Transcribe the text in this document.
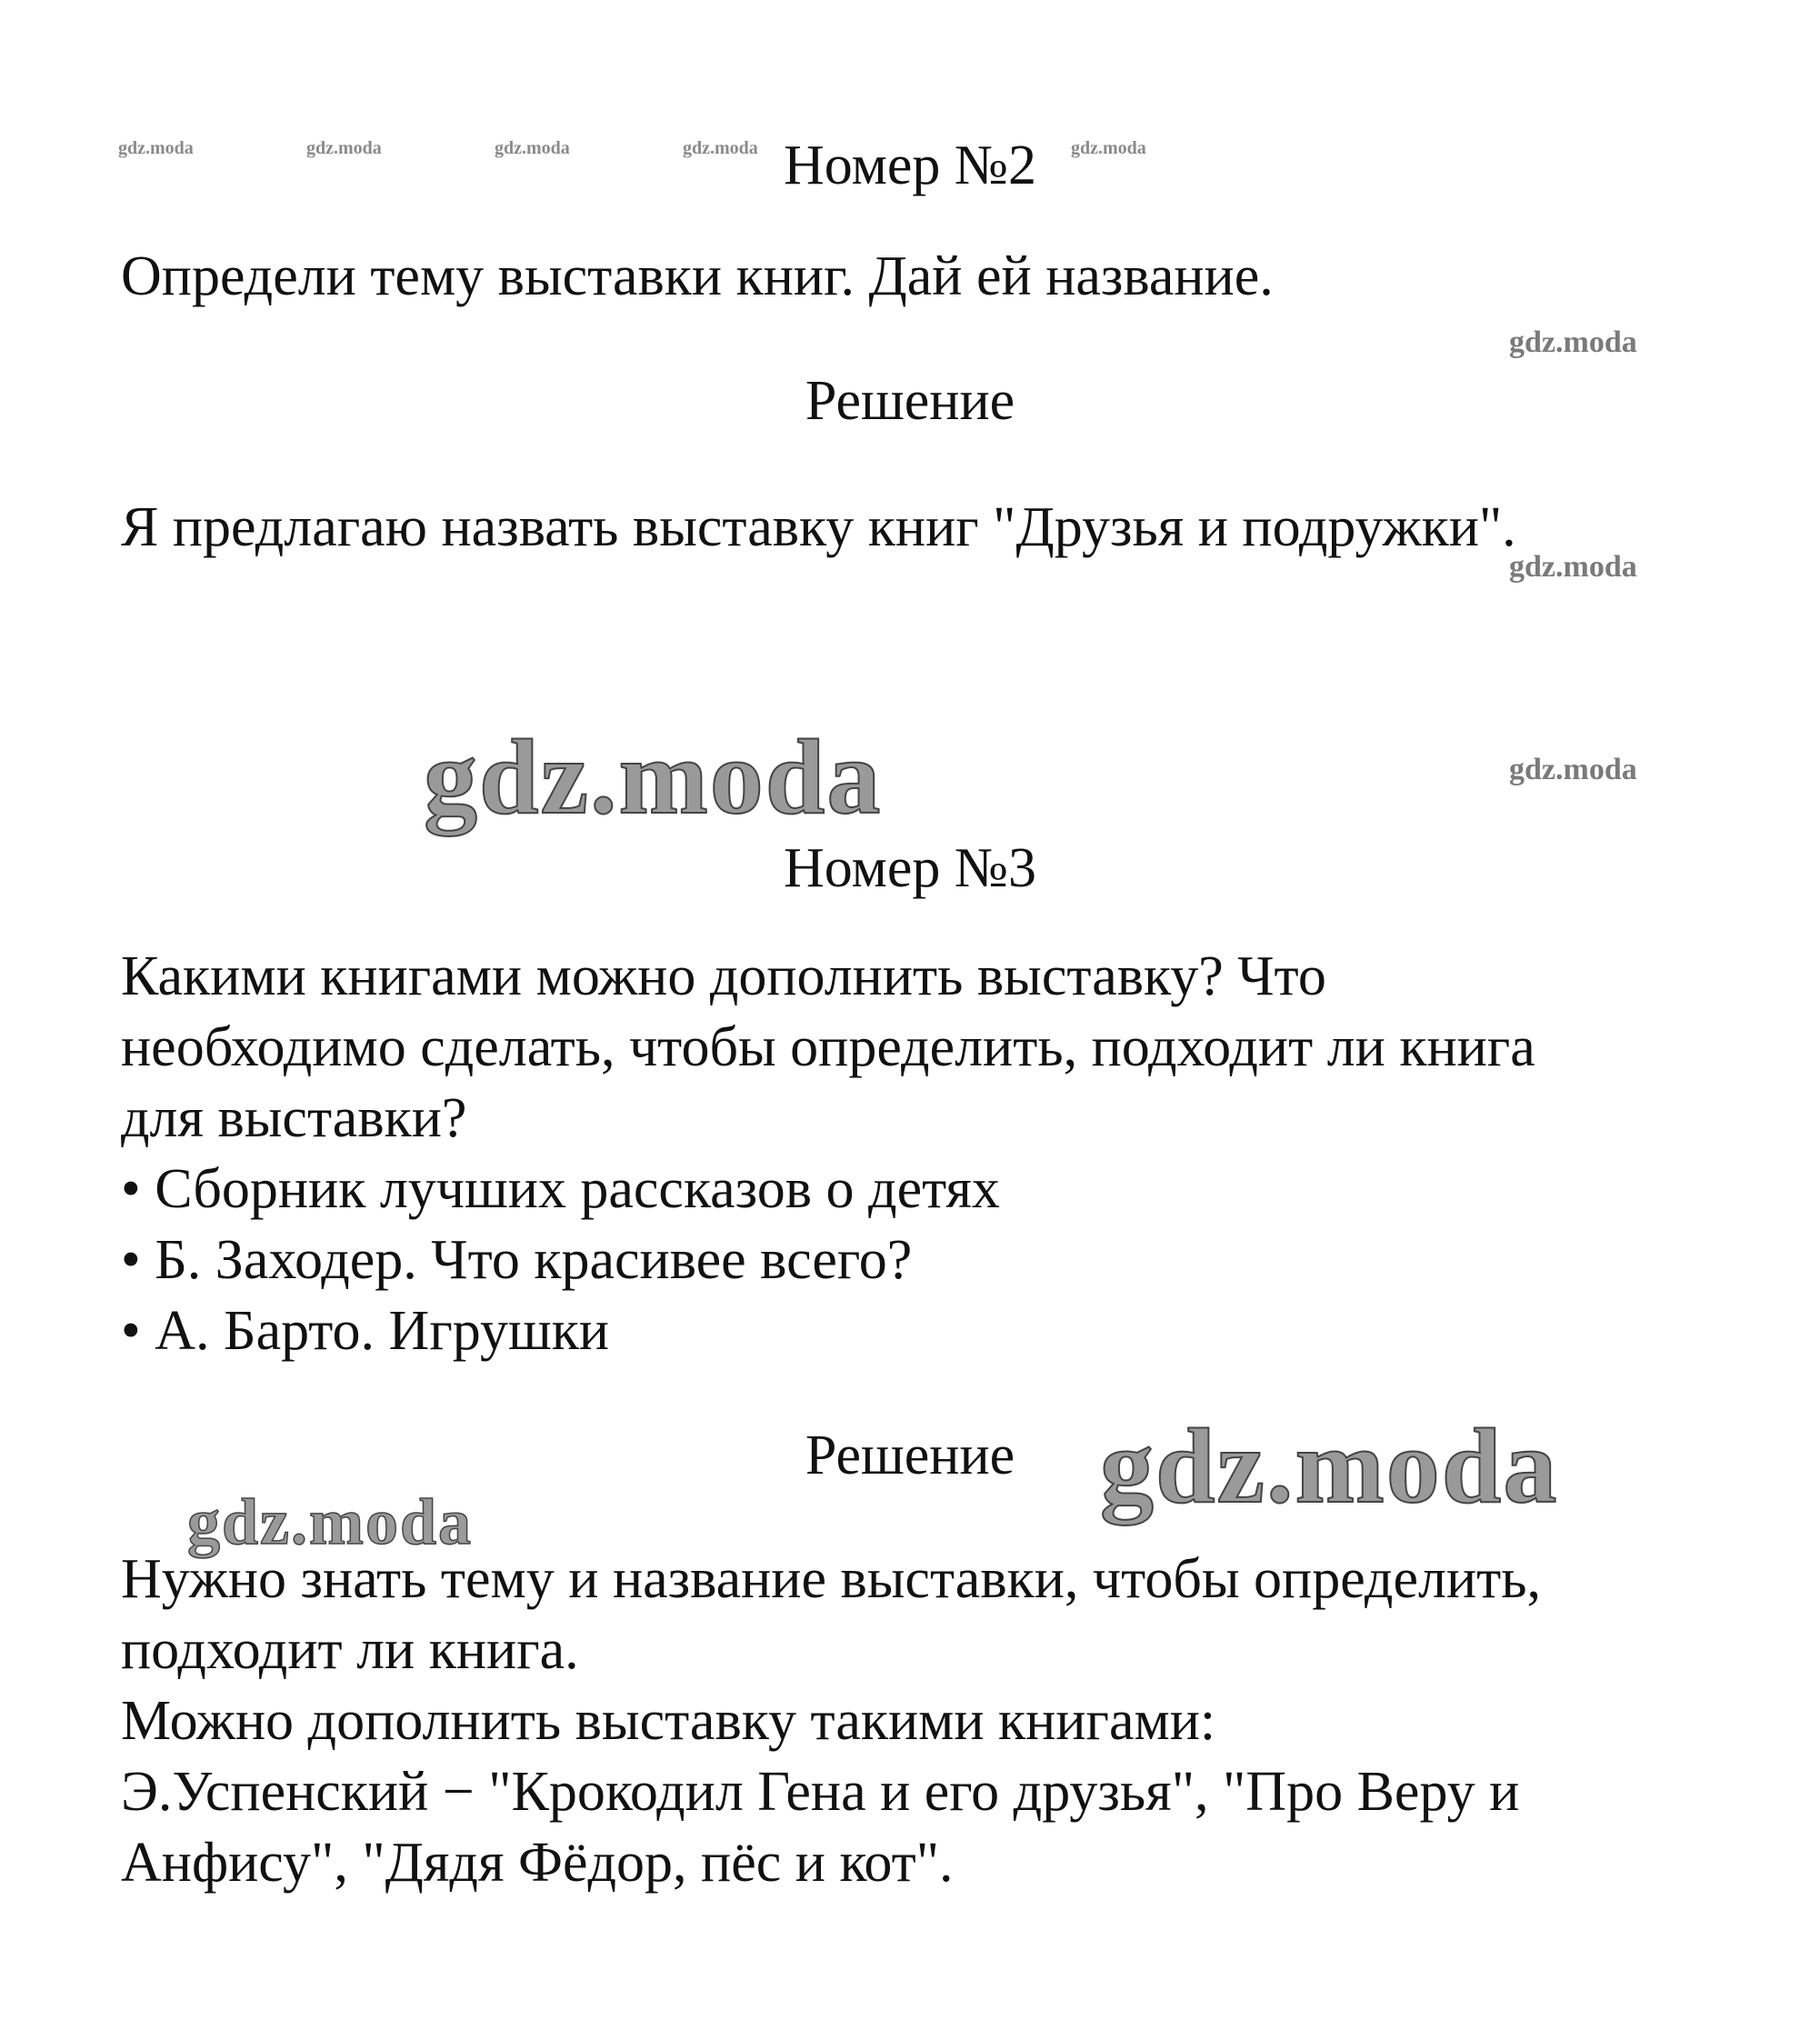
gdz.moda	gdz.moda	gdz.moda	gdz.moda Номер №2	gdz.moda
Определи тему выставки книг. Дай ей название.
gdz.moda
Решение
Я предлагаю назвать выставку книг "Друзья и подружки".
gdz.moda
gdz.moda	gdz.moda
Номер №3
Какими книгами можно дополнить выставку? Что
необходимо сделать, чтобы определить, подходит ли книга
для выставки?
• Сборник лучших рассказов о детях
• Б. Заходер. Что красивее всего?
• А. Барто. Игрушки
Решение gdz.moda
gdz.moda
Нужно знать тему и название выставки, чтобы определить,
подходит ли книга.
Можно дополнить выставку такими книгами:
Э.Успенский − "Крокодил Гена и его друзья", "Про Веру и
Анфису", "Дядя Фёдор, пёс и кот".
